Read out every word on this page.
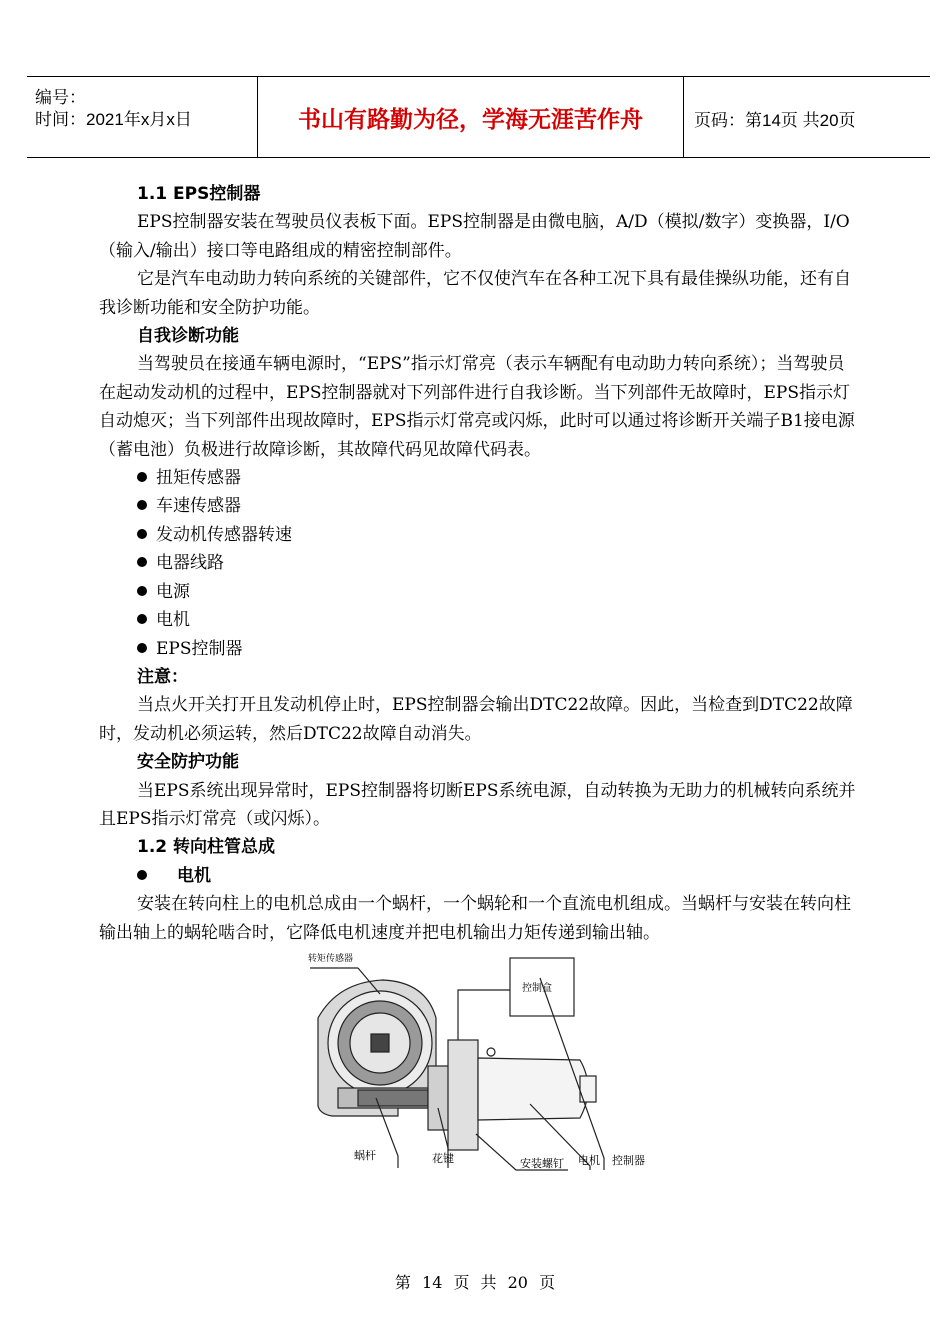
编号：
时间：2021年x月x日	书山有路勤为径，学海无涯苦作舟	页码：第14页 共20页
1.1 EPS控制器

EPS控制器安装在驾驶员仪表板下面。EPS控制器是由微电脑，A/D（模拟/数字）变换器，I/O（输入/输出）接口等电路组成的精密控制部件。

它是汽车电动助力转向系统的关键部件，它不仅使汽车在各种工况下具有最佳操纵功能，还有自我诊断功能和安全防护功能。

自我诊断功能

当驾驶员在接通车辆电源时，“EPS”指示灯常亮（表示车辆配有电动助力转向系统）；当驾驶员在起动发动机的过程中，EPS控制器就对下列部件进行自我诊断。当下列部件无故障时，EPS指示灯自动熄灭；当下列部件出现故障时，EPS指示灯常亮或闪烁，此时可以通过将诊断开关端子B1接电源（蓄电池）负极进行故障诊断，其故障代码见故障代码表。

扭矩传感器
车速传感器
发动机传感器转速
电器线路
电源
电机
EPS控制器
注意：

当点火开关打开且发动机停止时，EPS控制器会输出DTC22故障。因此，当检查到DTC22故障时，发动机必须运转，然后DTC22故障自动消失。

安全防护功能

当EPS系统出现异常时，EPS控制器将切断EPS系统电源，自动转换为无助力的机械转向系统并且EPS指示灯常亮（或闪烁）。

1.2 转向柱管总成
电机

安装在转向柱上的电机总成由一个蜗杆，一个蜗轮和一个直流电机组成。当蜗杆与安装在转向柱输出轴上的蜗轮啮合时，它降低电机速度并把电机输出力矩传递到输出轴。

转矩传感器
控制盒
蜗杆	花键	安装螺钉 电机 控制器
第 14 页 共 20 页
